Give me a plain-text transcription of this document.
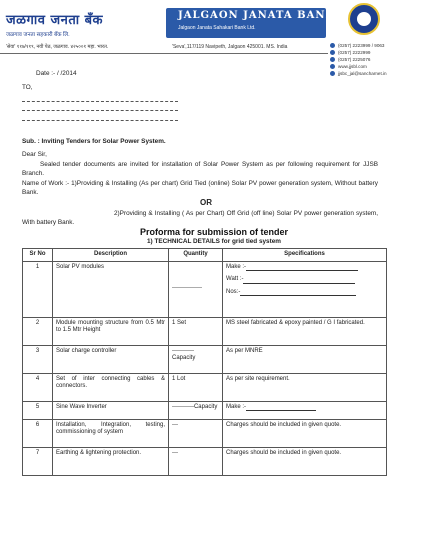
जळगाव जनता बँक
जळगाव जनता सहकारी बँक लि.
JALGAON JANATA BANK
Jalgaon Janata Sahakari Bank Ltd.
'सेवा' ११७/११९, नवी पेठ, जळगाव. ४२५००१ महा. भारत.	'Seva',117/119 Navipeth, Jalgaon 425001. MS. India	(0257) 2223999 / 9063
(0257) 2222999
(0257) 2225076
www.jjsbl.com
jjsbc_jal@sancharnet.in
Date :- / /2014
TO,
Sub. : Inviting Tenders for Solar Power System.
Dear Sir,
Sealed tender documents are invited for installation of Solar Power System as per following requirement for JJSB Branch.
Name of Work :- 1)Providing & Installing (As per chart) Grid Tied (online) Solar PV power generation system, Without battery Bank.
OR
2)Providing & Installing ( As per Chart) Off Grid (off line) Solar PV power generation system, With battery Bank.
Proforma for submission of tender
1) TECHNICAL DETAILS for grid tied system
Sr No	Description	Quantity	Specifications
1	Solar PV modules	---------------	Make :-
Watt :-
Nos:-

2	Module mounting structure from 0.5 Mtr to 1.5 Mtr Height	1 Set	MS steel fabricated & epoxy painted / G I fabricated.
3	Solar charge controller	-----------
Capacity	As per MNRE
4	Set of inter connecting cables & connectors.	1 Lot	As per site requirement.
5	Sine Wave Inverter	-----------Capacity	Make :-
6	Installation, Integration, testing, commissioning of system	---	Charges should be included in given quote.
7	Earthing & lightening protection.	---	Charges should be included in given quote.
